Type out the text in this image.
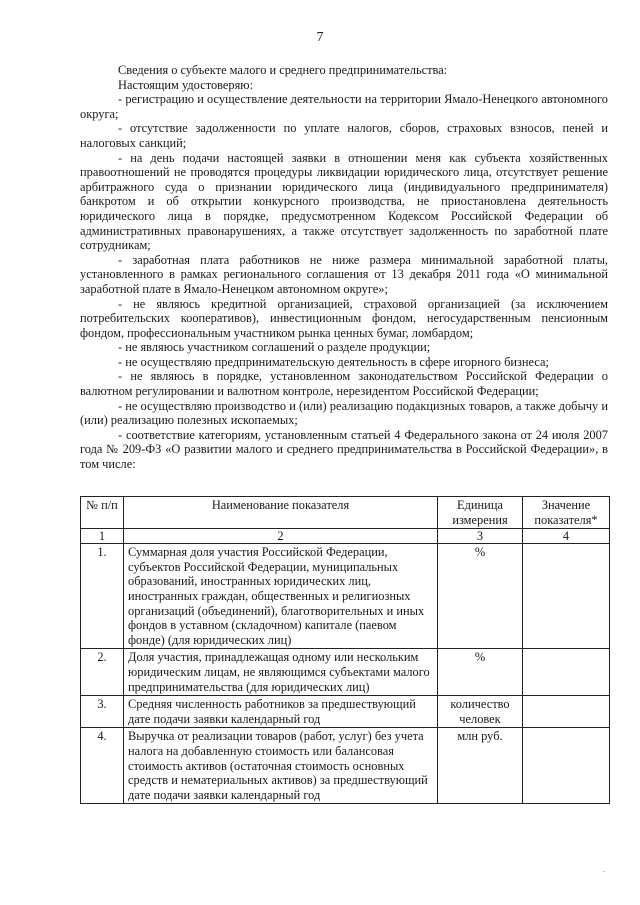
7
Сведения о субъекте малого и среднего предпринимательства:
Настоящим удостоверяю:

- регистрацию и осуществление деятельности на территории Ямало-Ненецкого автономного округа;

- отсутствие задолженности по уплате налогов, сборов, страховых взносов, пеней и налоговых санкций;

- на день подачи настоящей заявки в отношении меня как субъекта хозяйственных правоотношений не проводятся процедуры ликвидации юридического лица, отсутствует решение арбитражного суда о признании юридического лица (индивидуального предпринимателя) банкротом и об открытии конкурсного производства, не приостановлена деятельность юридического лица в порядке, предусмотренном Кодексом Российской Федерации об административных правонарушениях, а также отсутствует задолженность по заработной плате сотрудникам;

- заработная плата работников не ниже размера минимальной заработной платы, установленного в рамках регионального соглашения от 13 декабря 2011 года «О минимальной заработной плате в Ямало-Ненецком автономном округе»;

- не являюсь кредитной организацией, страховой организацией (за исключением потребительских кооперативов), инвестиционным фондом, негосударственным пенсионным фондом, профессиональным участником рынка ценных бумаг, ломбардом;

- не являюсь участником соглашений о разделе продукции;

- не осуществляю предпринимательскую деятельность в сфере игорного бизнеса;

- не являюсь в порядке, установленном законодательством Российской Федерации о валютном регулировании и валютном контроле, нерезидентом Российской Федерации;

- не осуществляю производство и (или) реализацию подакцизных товаров, а также добычу и (или) реализацию полезных ископаемых;

- соответствие категориям, установленным статьей 4 Федерального закона от 24 июля 2007 года № 209-ФЗ «О развитии малого и среднего предпринимательства в Российской Федерации», в том числе:

№ п/п	Наименование показателя	Единица измерения	Значение показателя*
1	2	3	4
1.	Суммарная доля участия Российской Федерации, субъектов Российской Федерации, муниципальных образований, иностранных юридических лиц, иностранных граждан, общественных и религиозных организаций (объединений), благотворительных и иных фондов в уставном (складочном) капитале (паевом фонде) (для юридических лиц)	%	
2.	Доля участия, принадлежащая одному или нескольким юридическим лицам, не являющимся субъектами малого предпринимательства (для юридических лиц)	%	
3.	Средняя численность работников за предшествующий дате подачи заявки календарный год	количество человек	
4.	Выручка от реализации товаров (работ, услуг) без учета налога на добавленную стоимость или балансовая стоимость активов (остаточная стоимость основных средств и нематериальных активов) за предшествующий дате подачи заявки календарный год	млн руб.	
.
